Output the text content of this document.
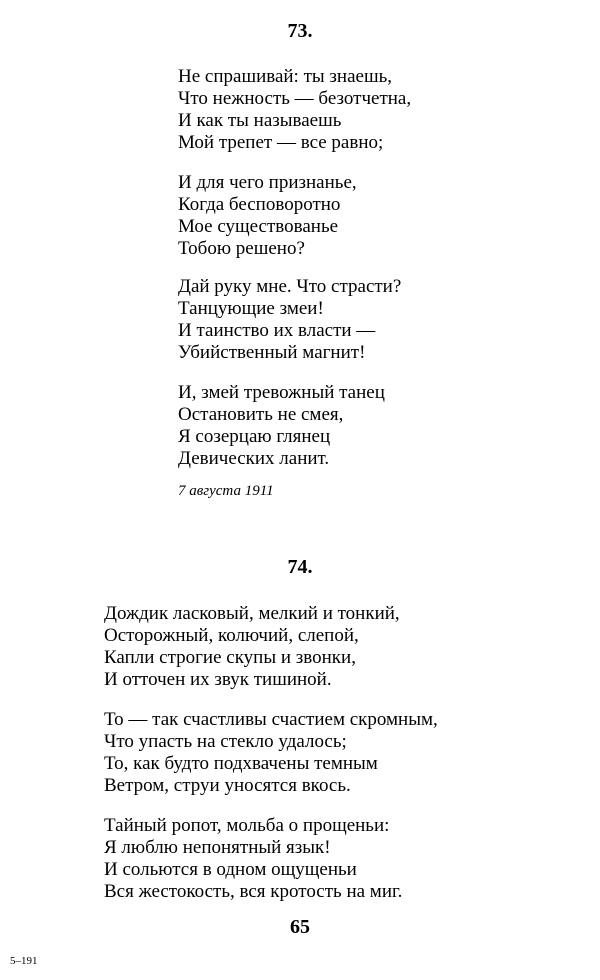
73.
Не спрашивай: ты знаешь,
Что нежность — безотчетна,
И как ты называешь
Мой трепет — все равно;
И для чего признанье,
Когда бесповоротно
Мое существованье
Тобою решено?
Дай руку мне. Что страсти?
Танцующие змеи!
И таинство их власти —
Убийственный магнит!
И, змей тревожный танец
Остановить не смея,
Я созерцаю глянец
Девических ланит.
7 августа 1911
74.
Дождик ласковый, мелкий и тонкий,
Осторожный, колючий, слепой,
Капли строгие скупы и звонки,
И отточен их звук тишиной.
То — так счастливы счастием скромным,
Что упасть на стекло удалось;
То, как будто подхвачены темным
Ветром, струи уносятся вкось.
Тайный ропот, мольба о прощеньи:
Я люблю непонятный язык!
И сольются в одном ощущеньи
Вся жестокость, вся кротость на миг.
65
5–191
